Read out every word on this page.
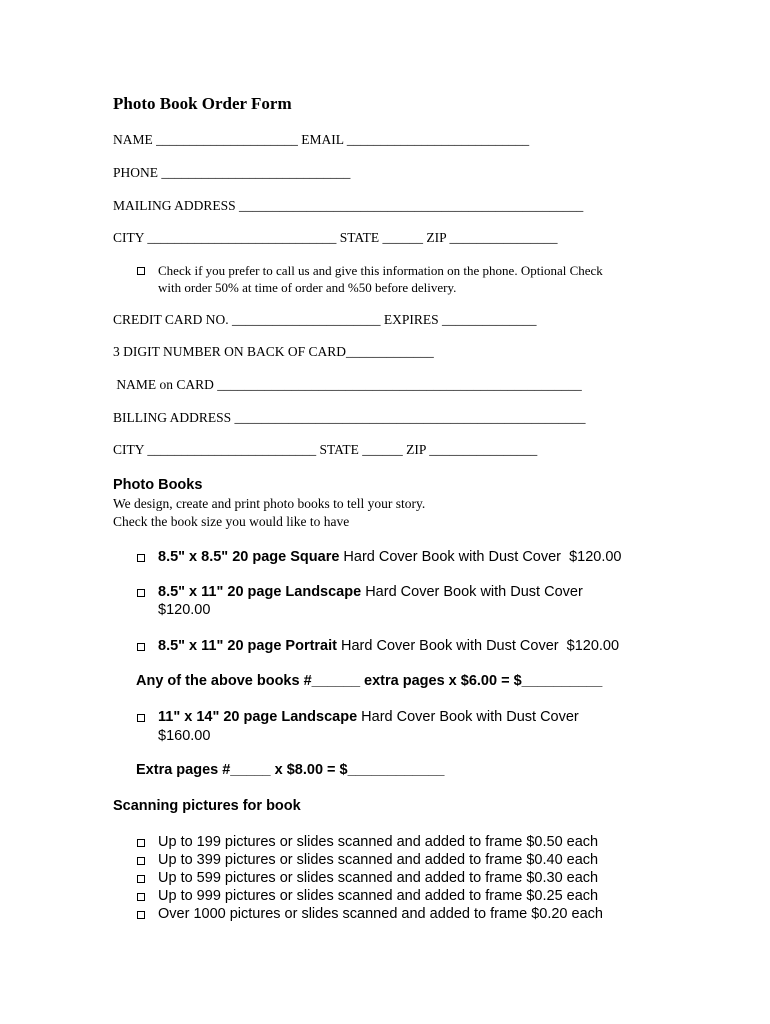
Photo Book Order Form
NAME _____________________ EMAIL ___________________________
PHONE ____________________________
MAILING ADDRESS ___________________________________________________
CITY ____________________________ STATE ______ ZIP ________________
Check if you prefer to call us and give this information on the phone. Optional Check
with order 50% at time of order and %50 before delivery.
CREDIT CARD NO. ______________________ EXPIRES ______________
3 DIGIT NUMBER ON BACK OF CARD_____________
NAME on CARD ______________________________________________________
BILLING ADDRESS ____________________________________________________
CITY _________________________ STATE ______ ZIP ________________
Photo Books
We design, create and print photo books to tell your story.
Check the book size you would like to have
8.5" x 8.5" 20 page Square Hard Cover Book with Dust Cover  $120.00
8.5" x 11" 20 page Landscape Hard Cover Book with Dust Cover
$120.00
8.5" x 11" 20 page Portrait Hard Cover Book with Dust Cover  $120.00
Any of the above books #______ extra pages x $6.00 = $__________
11" x 14" 20 page Landscape Hard Cover Book with Dust Cover
$160.00
Extra pages #_____ x $8.00 = $____________
Scanning pictures for book
Up to 199 pictures or slides scanned and added to frame $0.50 each
Up to 399 pictures or slides scanned and added to frame $0.40 each
Up to 599 pictures or slides scanned and added to frame $0.30 each
Up to 999 pictures or slides scanned and added to frame $0.25 each
Over 1000 pictures or slides scanned and added to frame $0.20 each
